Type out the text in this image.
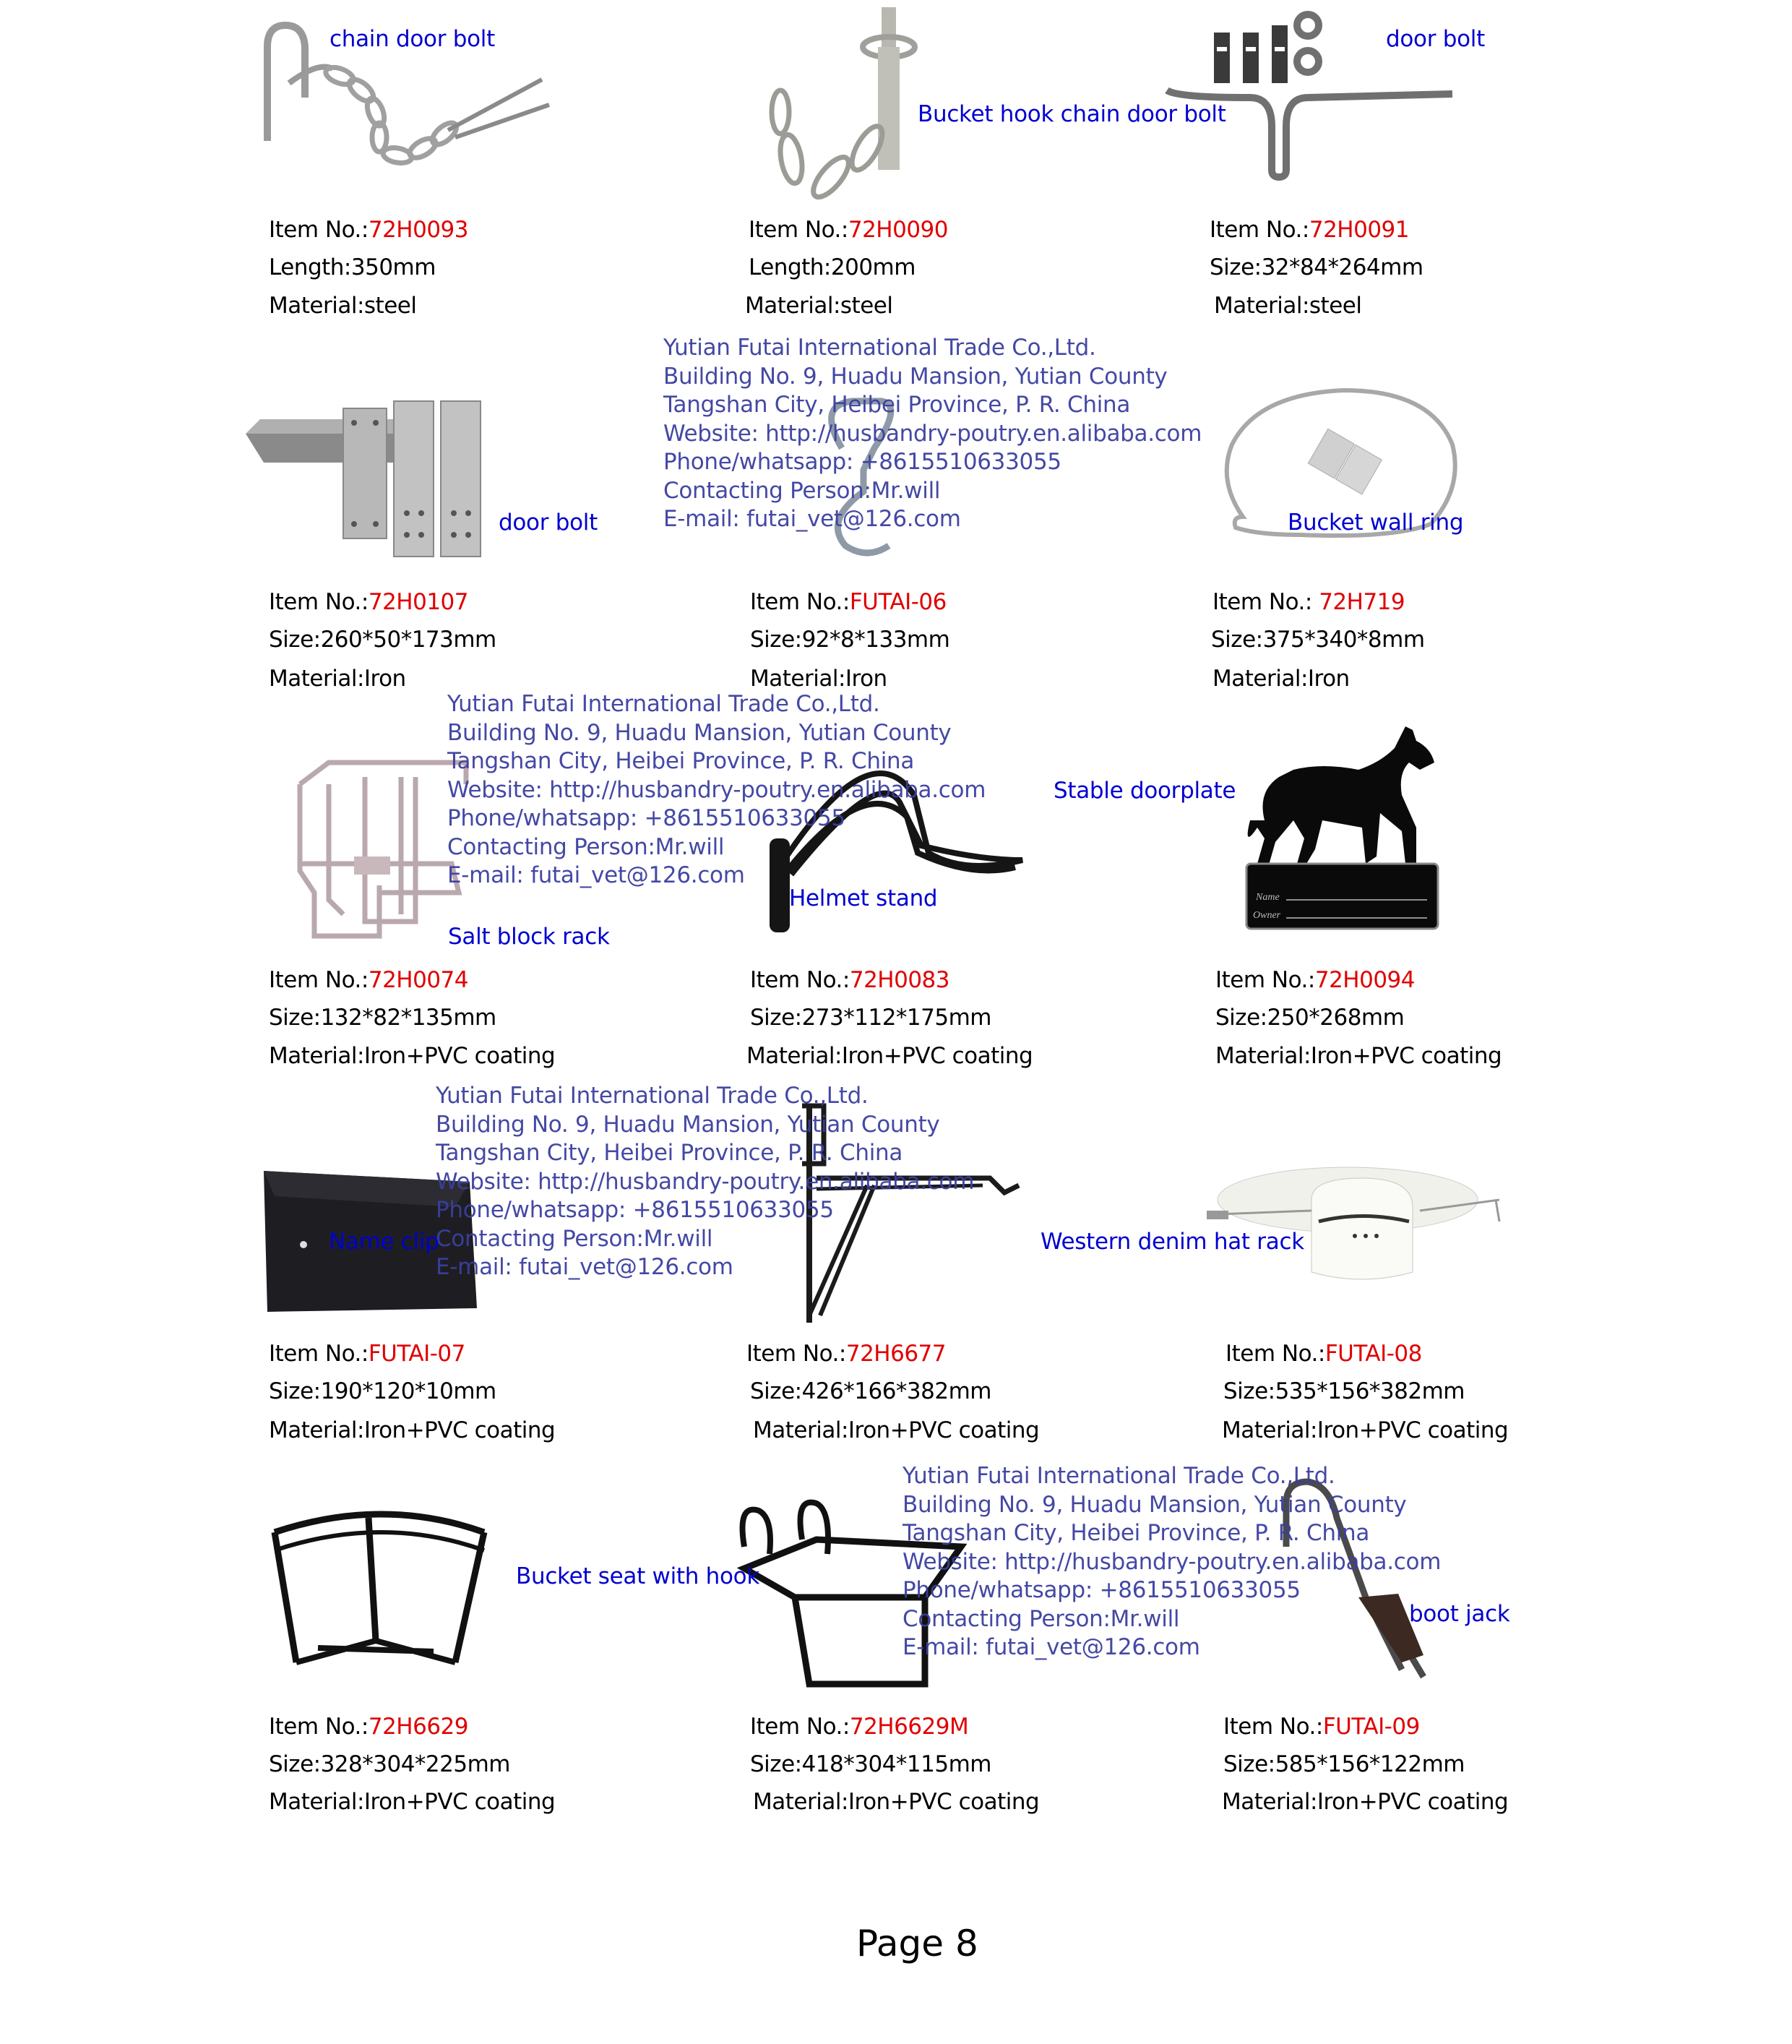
Name
Owner
chain door bolt
Bucket hook chain door bolt
door bolt
door bolt	Bucket wall ring
Salt block rack
Helmet stand
Stable doorplate
Name clip	Western denim hat rack
Bucket seat with hook
boot jack
Yutian Futai International Trade Co.,Ltd.
Building No. 9, Huadu Mansion, Yutian County
Tangshan City, Heibei Province, P. R. China
Website: http://husbandry-poutry.en.alibaba.com
Phone/whatsapp: +8615510633055
Contacting Person:Mr.will
E-mail: futai_vet@126.com
Yutian Futai International Trade Co.,Ltd.
Building No. 9, Huadu Mansion, Yutian County
Tangshan City, Heibei Province, P. R. China
Website: http://husbandry-poutry.en.alibaba.com
Phone/whatsapp: +8615510633055
Contacting Person:Mr.will
E-mail: futai_vet@126.com
Yutian Futai International Trade Co.,Ltd.
Building No. 9, Huadu Mansion, Yutian County
Tangshan City, Heibei Province, P. R. China
Website: http://husbandry-poutry.en.alibaba.com
Phone/whatsapp: +8615510633055
Contacting Person:Mr.will
E-mail: futai_vet@126.com
Yutian Futai International Trade Co.,Ltd.
Building No. 9, Huadu Mansion, Yutian County
Tangshan City, Heibei Province, P. R. China
Website: http://husbandry-poutry.en.alibaba.com
Phone/whatsapp: +8615510633055
Contacting Person:Mr.will
E-mail: futai_vet@126.com
Item No.:72H0093
Length:350mm
Material:steel
Item No.:72H0090
Length:200mm
Material:steel
Item No.:72H0091
Size:32*84*264mm
Material:steel
Item No.:72H0107
Size:260*50*173mm
Material:Iron
Item No.:FUTAI-06
Size:92*8*133mm
Material:Iron
Item No.: 72H719
Size:375*340*8mm
Material:Iron
Item No.:72H0074
Size:132*82*135mm
Material:Iron+PVC coating
Item No.:72H0083
Size:273*112*175mm
Material:Iron+PVC coating
Item No.:72H0094
Size:250*268mm
Material:Iron+PVC coating
Item No.:FUTAI-07
Size:190*120*10mm
Material:Iron+PVC coating
Item No.:72H6677
Size:426*166*382mm
Material:Iron+PVC coating
Item No.:FUTAI-08
Size:535*156*382mm
Material:Iron+PVC coating
Item No.:72H6629
Size:328*304*225mm
Material:Iron+PVC coating
Item No.:72H6629M
Size:418*304*115mm
Material:Iron+PVC coating
Item No.:FUTAI-09
Size:585*156*122mm
Material:Iron+PVC coating
Page 8
